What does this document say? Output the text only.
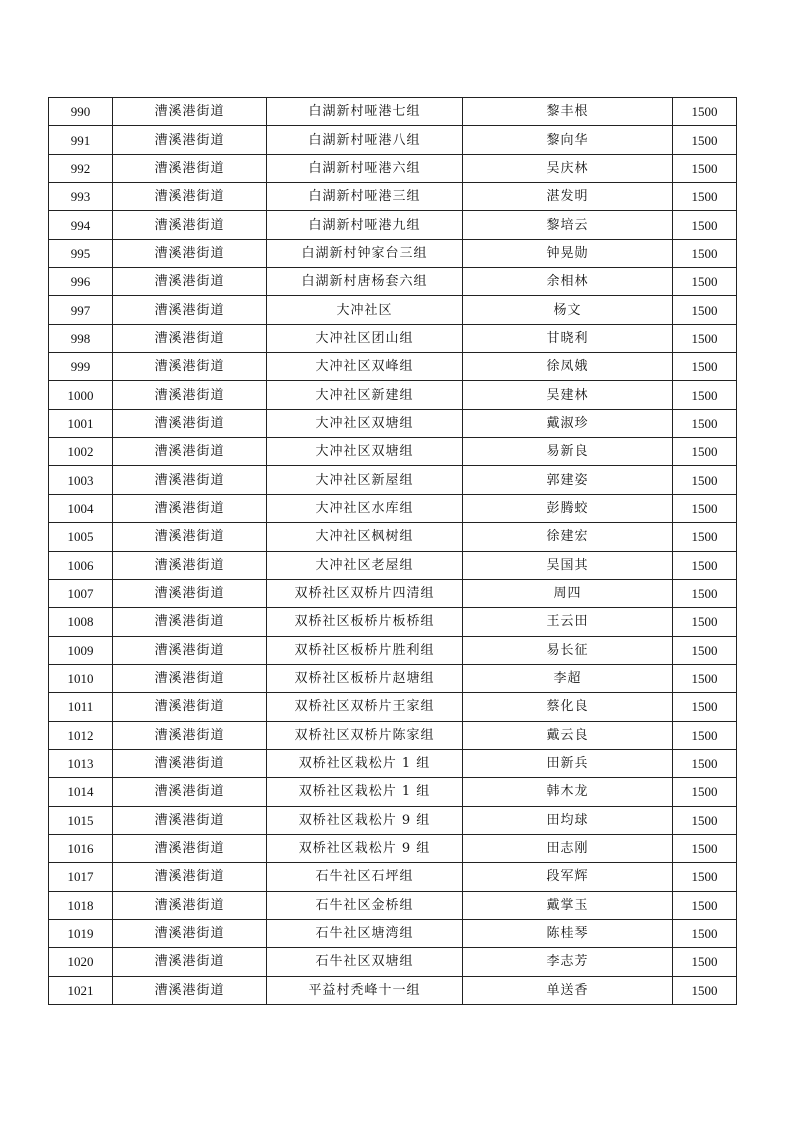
990	漕溪港街道	白湖新村哑港七组	黎丰根	1500
991	漕溪港街道	白湖新村哑港八组	黎向华	1500
992	漕溪港街道	白湖新村哑港六组	吴庆林	1500
993	漕溪港街道	白湖新村哑港三组	湛发明	1500
994	漕溪港街道	白湖新村哑港九组	黎培云	1500
995	漕溪港街道	白湖新村钟家台三组	钟晃勋	1500
996	漕溪港街道	白湖新村唐杨套六组	余相林	1500
997	漕溪港街道	大冲社区	杨文	1500
998	漕溪港街道	大冲社区团山组	甘晓利	1500
999	漕溪港街道	大冲社区双峰组	徐凤娥	1500
1000	漕溪港街道	大冲社区新建组	吴建林	1500
1001	漕溪港街道	大冲社区双塘组	戴淑珍	1500
1002	漕溪港街道	大冲社区双塘组	易新良	1500
1003	漕溪港街道	大冲社区新屋组	郭建姿	1500
1004	漕溪港街道	大冲社区水库组	彭腾蛟	1500
1005	漕溪港街道	大冲社区枫树组	徐建宏	1500
1006	漕溪港街道	大冲社区老屋组	吴国其	1500
1007	漕溪港街道	双桥社区双桥片四清组	周四	1500
1008	漕溪港街道	双桥社区板桥片板桥组	王云田	1500
1009	漕溪港街道	双桥社区板桥片胜利组	易长征	1500
1010	漕溪港街道	双桥社区板桥片赵塘组	李超	1500
1011	漕溪港街道	双桥社区双桥片王家组	蔡化良	1500
1012	漕溪港街道	双桥社区双桥片陈家组	戴云良	1500
1013	漕溪港街道	双桥社区栽松片 1 组	田新兵	1500
1014	漕溪港街道	双桥社区栽松片 1 组	韩木龙	1500
1015	漕溪港街道	双桥社区栽松片 9 组	田均球	1500
1016	漕溪港街道	双桥社区栽松片 9 组	田志刚	1500
1017	漕溪港街道	石牛社区石坪组	段军辉	1500
1018	漕溪港街道	石牛社区金桥组	戴掌玉	1500
1019	漕溪港街道	石牛社区塘湾组	陈桂琴	1500
1020	漕溪港街道	石牛社区双塘组	李志芳	1500
1021	漕溪港街道	平益村秃峰十一组	单送香	1500
